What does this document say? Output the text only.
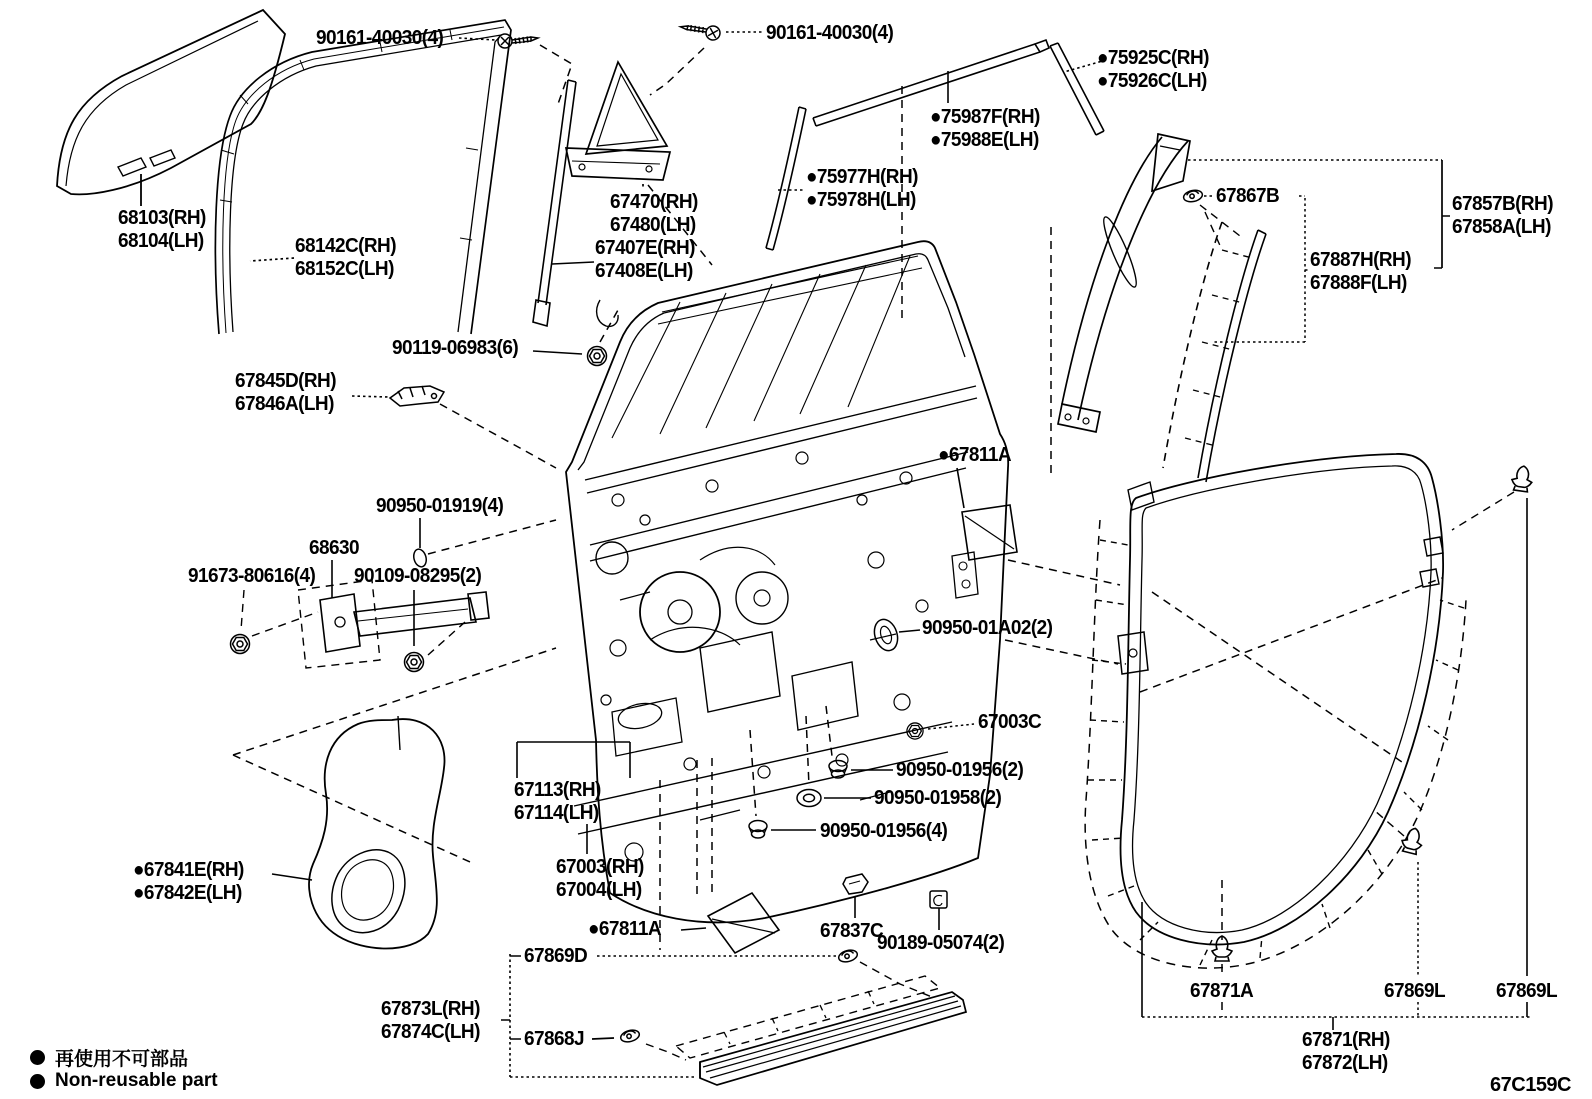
90161-40030(4)	90161-40030(4)
●75925C(RH)
●75926C(LH)
●75987F(RH)
●75988E(LH)
●75977H(RH)
●75978H(LH)
68103(RH)
68104(LH)	68142C(RH)
68152C(LH)
67470(RH)
67480(LH)
67407E(RH)
67408E(LH)
67867B	67857B(RH)
67858A(LH)
67887H(RH)
67888F(LH)
90119-06983(6)
67845D(RH)
67846A(LH)
90950-01919(4)
68630
91673-80616(4) 90109-08295(2)
●67811A
90950-01A02(2)
67003C
90950-01956(2)
90950-01958(2)
90950-01956(4)
67113(RH)
67114(LH)
67003(RH)
67004(LH)
●67811A	67837C
90189-05074(2)
67869D
67868J
67873L(RH)
67874C(LH)
●67841E(RH)
●67842E(LH)
67871A	67869L	67869L
67871(RH)
67872(LH)
再使用不可部品
Non-reusable part	67C159C
